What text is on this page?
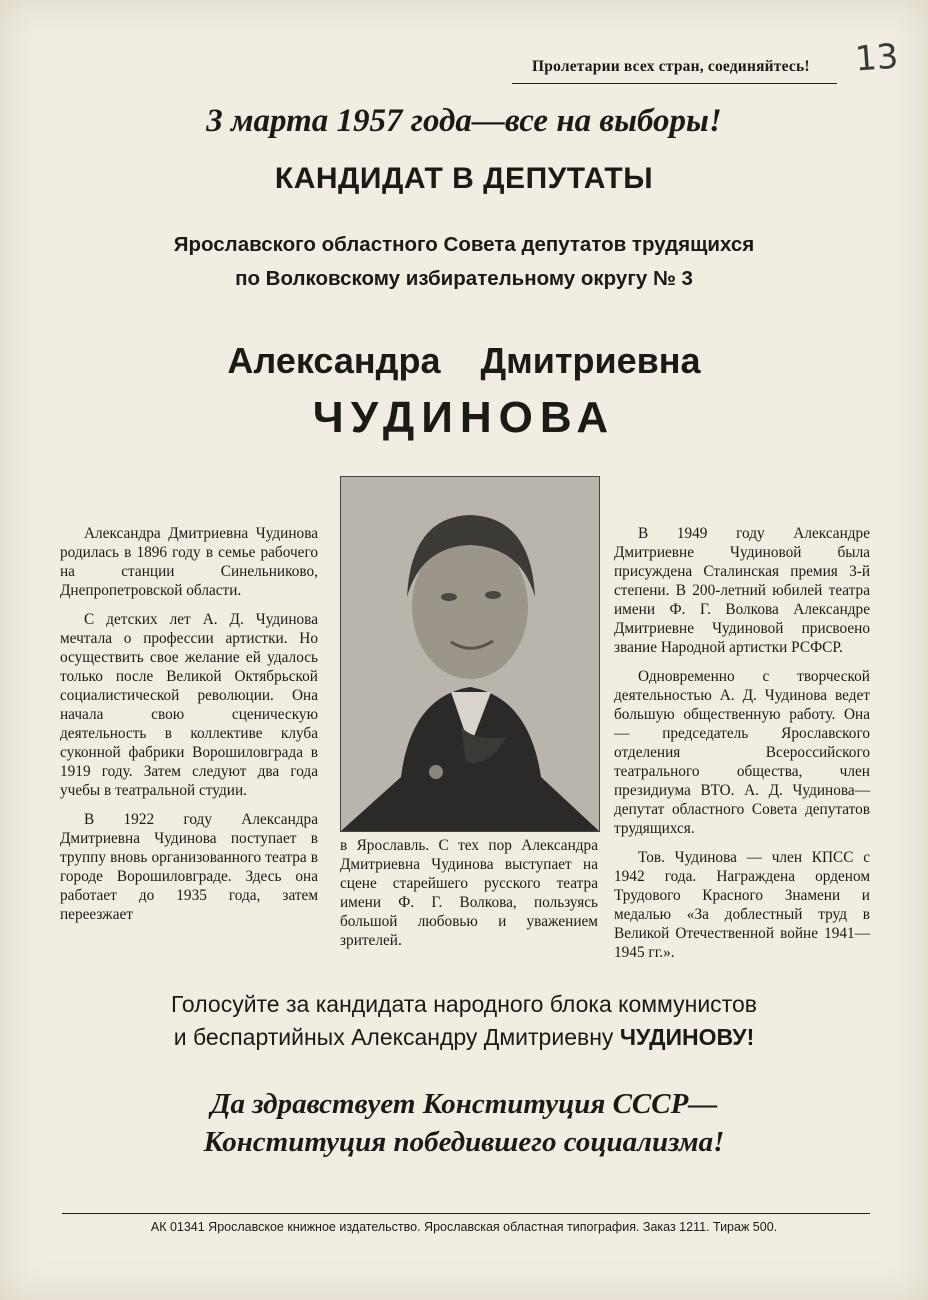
Пролетарии всех стран, соединяйтесь! 13
3 марта 1957 года—все на выборы!
КАНДИДАТ В ДЕПУТАТЫ
Ярославского областного Совета депутатов трудящихся
по Волковскому избирательному округу № 3
Александра Дмитриевна
ЧУДИНОВА

Александра Дмитриевна Чудинова родилась в 1896 году в семье рабочего на станции Синельниково, Днепропетровской области.

С детских лет А. Д. Чудинова мечтала о профессии артистки. Но осуществить свое желание ей удалось только после Великой Октябрьской социалистической революции. Она начала свою сценическую деятельность в коллективе клуба суконной фабрики Ворошиловграда в 1919 году. Затем следуют два года учебы в театральной студии.

В 1922 году Александра Дмитриевна Чудинова поступает в труппу вновь организованного театра в городе Ворошиловграде. Здесь она работает до 1935 года, затем переезжает

в Ярославль. С тех пор Александра Дмитриевна Чудинова выступает на сцене старейшего русского театра имени Ф. Г. Волкова, пользуясь большой любовью и уважением зрителей.

В 1949 году Александре Дмитриевне Чудиновой была присуждена Сталинская премия 3-й степени. В 200-летний юбилей театра имени Ф. Г. Волкова Александре Дмитриевне Чудиновой присвоено звание Народной артистки РСФСР.

Одновременно с творческой деятельностью А. Д. Чудинова ведет большую общественную работу. Она — председатель Ярославского отделения Всероссийского театрального общества, член президиума ВТО. А. Д. Чудинова—депутат областного Совета депутатов трудящихся.

Тов. Чудинова — член КПСС с 1942 года. Награждена орденом Трудового Красного Знамени и медалью «За доблестный труд в Великой Отечественной войне 1941—1945 гг.».

Голосуйте за кандидата народного блока коммунистов
и беспартийных Александру Дмитриевну ЧУДИНОВУ!
Да здравствует Конституция СССР—
Конституция победившего социализма!
АК 01341 Ярославское книжное издательство. Ярославская областная типография. Заказ 1211. Тираж 500.
